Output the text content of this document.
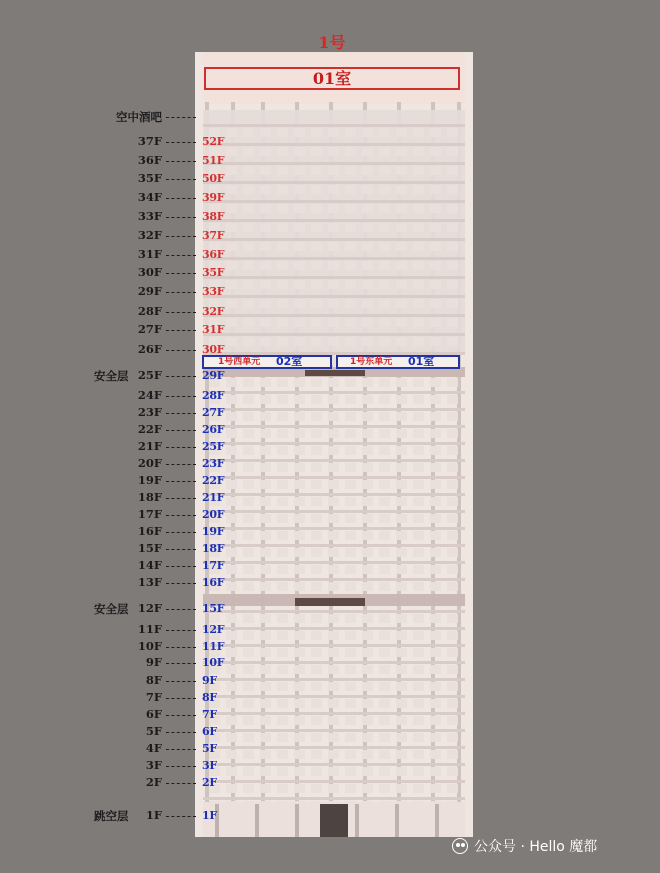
1号
01室
1号西单元 02室	1号东单元 01室
空中酒吧
37F
36F
35F
34F
33F
32F
31F
30F
29F
28F
27F
26F
25F
24F
23F
22F
21F
20F
19F
18F
17F
16F
15F
14F
13F
12F
11F
10F
9F
8F
7F
6F
5F
4F
3F
2F
1F
安全层
安全层
跳空层
52F
51F
50F
39F
38F
37F
36F
35F
33F
32F
31F
30F
29F
28F
27F
26F
25F
23F
22F
21F
20F
19F
18F
17F
16F
15F
12F
11F
10F
9F
8F
7F
6F
5F
3F
2F
1F
公众号 · Hello 魔都
